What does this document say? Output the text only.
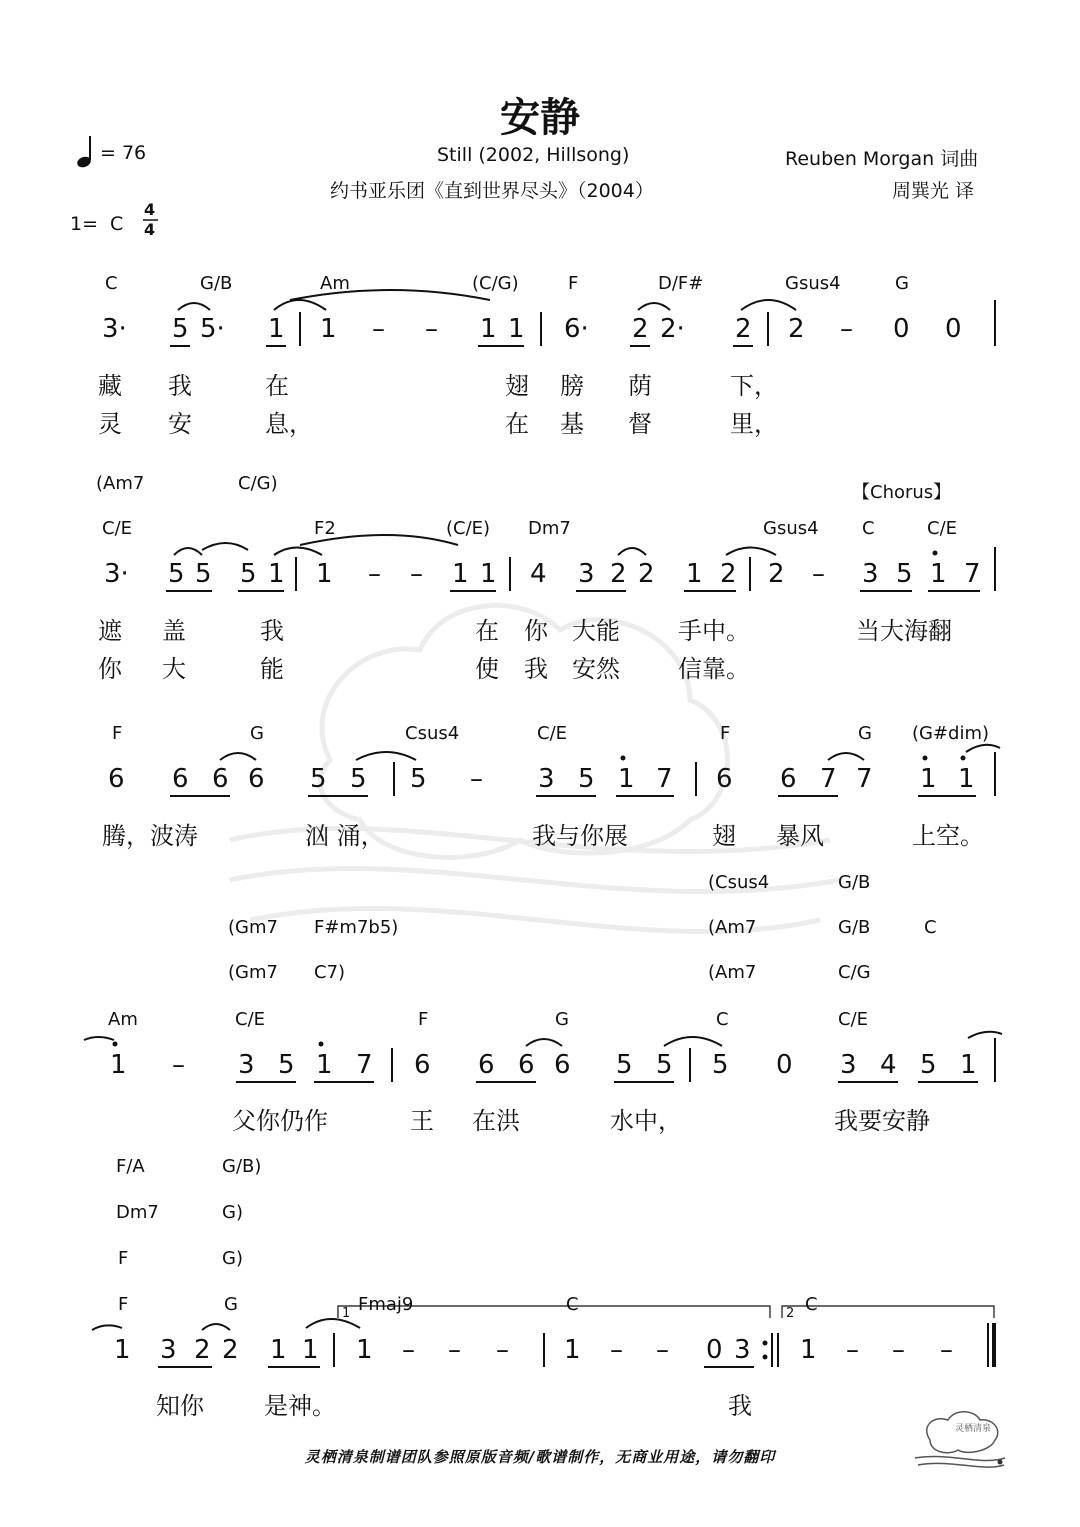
安静
= 76	Still (2002, Hillsong)
约书亚乐团《直到世界尽头》（2004）
Reuben Morgan 词曲
周巽光 译
1= C
4
4
C	G/B	Am	(C/G)	F	D/F#	Gsus4	G
3· 5 5· 1 1 – – 1 1 6· 2 2· 2 2 – 0 0
藏 我	在	翅 膀 荫	下，
灵 安	息，	在 基 督	里，
(Am7	C/G)	【Chorus】
C/E	F2	(C/E) Dm7	Gsus4 C	C/E
3· 5 5 5 1 1 – – 1 1 4 3 2 2 1 2 2 – 3 5 1 7
遮 盖	我	在 你 大能 手中。	当大海翻
你 大	能	使 我 安然 信靠。
F	G	Csus4	C/E	F	G (G#dim)
6 6 6 6 5 5 5 – 3 5 1 7 6 6 7 7 1 1
腾，波涛	汹 涌，	我与你展	翅 暴风	上空。
(Csus4	G/B
(Gm7 F#m7b5)	(Am7	G/B	C
(Gm7 C7)	(Am7	C/G
Am	C/E	F	G	C	C/E
1 – 3 5 1 7 6 6 6 6 5 5 5 0 3 4 5 1
父你仍作	王 在洪	水中，	我要安静
F/A	G/B)
Dm7	G)
F	G)
F	G	Fmaj9	C	C
1 3 2 2 1 1 1 – – – 1 – – 0 3 1 – – –
知你	是神。	我
1	2
灵栖清泉
灵栖清泉制谱团队参照原版音频/歌谱制作，无商业用途，请勿翻印
